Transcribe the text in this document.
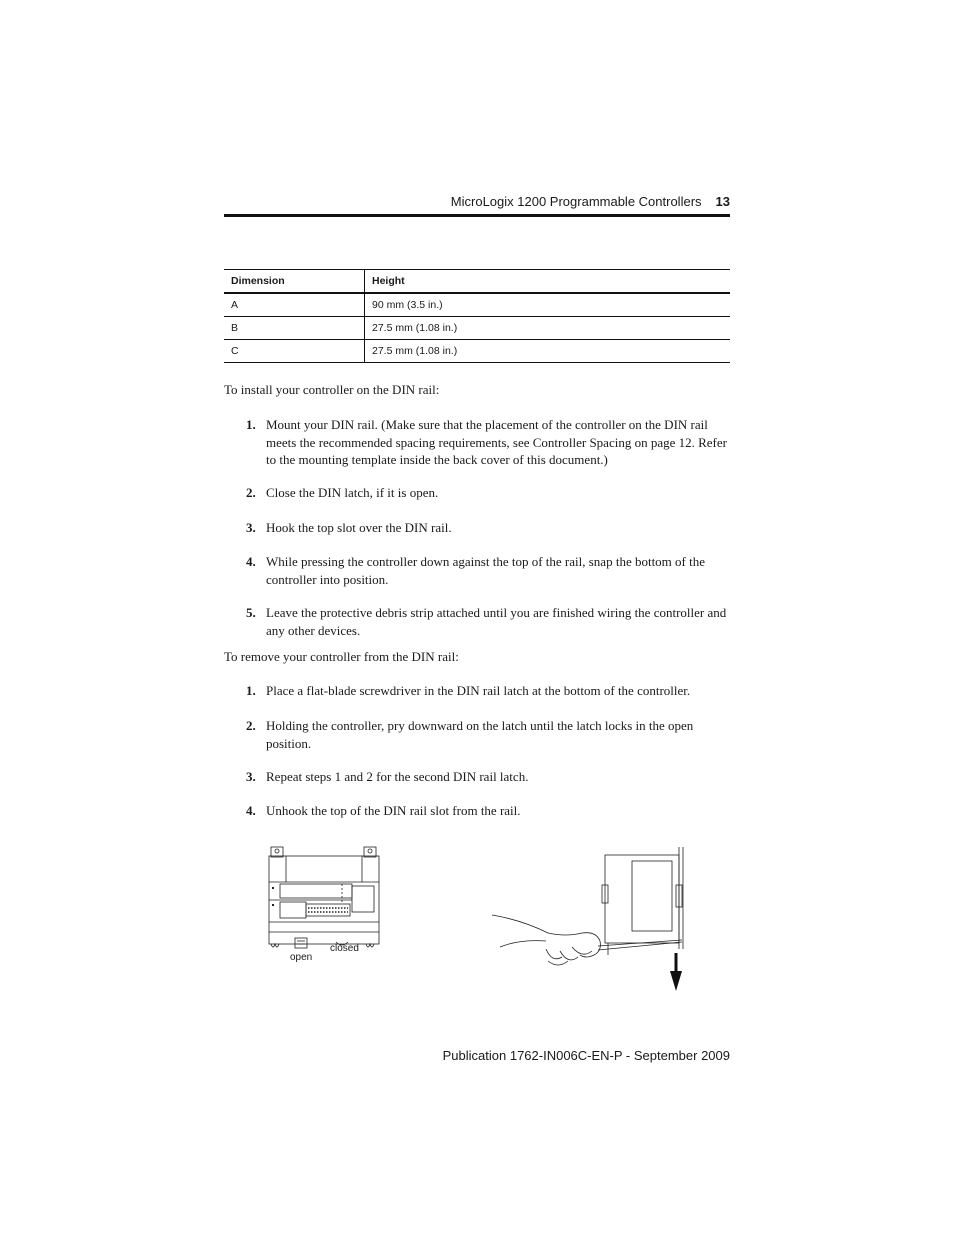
MicroLogix 1200 Programmable Controllers 13
Dimension	Height
A	90 mm (3.5 in.)
B	27.5 mm (1.08 in.)
C	27.5 mm (1.08 in.)
To install your controller on the DIN rail:
1. Mount your DIN rail. (Make sure that the placement of the controller on the DIN rail meets the recommended spacing requirements, see Controller Spacing on page 12. Refer to the mounting template inside the back cover of this document.)
2. Close the DIN latch, if it is open.
3. Hook the top slot over the DIN rail.
4. While pressing the controller down against the top of the rail, snap the bottom of the controller into position.
5. Leave the protective debris strip attached until you are finished wiring the controller and any other devices.
To remove your controller from the DIN rail:
1. Place a flat-blade screwdriver in the DIN rail latch at the bottom of the controller.
2. Holding the controller, pry downward on the latch until the latch locks in the open position.
3. Repeat steps 1 and 2 for the second DIN rail latch.
4. Unhook the top of the DIN rail slot from the rail.
open
closed
Publication 1762-IN006C-EN-P - September 2009
